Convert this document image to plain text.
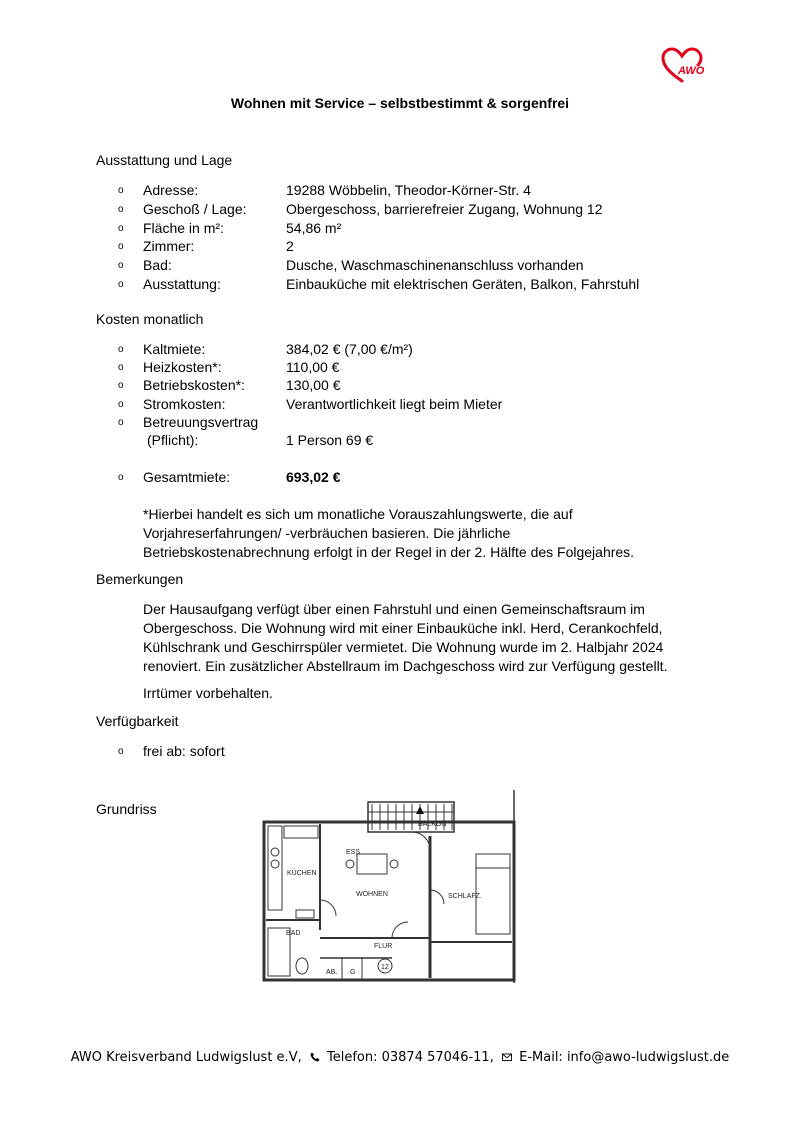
AWO
Wohnen mit Service – selbstbestimmt & sorgenfrei
Ausstattung und Lage
o Adresse:	19288 Wöbbelin, Theodor-Körner-Str. 4
o Geschoß / Lage:	Obergeschoss, barrierefreier Zugang, Wohnung 12
o Fläche in m²:	54,86 m²
o Zimmer:	2
o Bad:	Dusche, Waschmaschinenanschluss vorhanden
o Ausstattung:	Einbauküche mit elektrischen Geräten, Balkon, Fahrstuhl
Kosten monatlich
o Kaltmiete:	384,02 € (7,00 €/m²)
o Heizkosten*:	110,00 €
o Betriebskosten*:	130,00 €
o Stromkosten:	Verantwortlichkeit liegt beim Mieter
o Betreuungsvertrag
(Pflicht):	1 Person 69 €
o Gesamtmiete:	693,02 €
*Hierbei handelt es sich um monatliche Vorauszahlungswerte, die auf
Vorjahreserfahrungen/ -verbräuchen basieren. Die jährliche
Betriebskostenabrechnung erfolgt in der Regel in der 2. Hälfte des Folgejahres.
Bemerkungen
Der Hausaufgang verfügt über einen Fahrstuhl und einen Gemeinschaftsraum im
Obergeschoss. Die Wohnung wird mit einer Einbauküche inkl. Herd, Cerankochfeld,
Kühlschrank und Geschirrspüler vermietet. Die Wohnung wurde im 2. Halbjahr 2024
renoviert. Ein zusätzlicher Abstellraum im Dachgeschoss wird zur Verfügung gestellt.
Irrtümer vorbehalten.
Verfügbarkeit
o frei ab: sofort
Grundriss
BALKON
ESS
KÜCHEN
WOHNEN	SCHLAFZ.
BAD
FLUR
AB. G
12
AWO Kreisverband Ludwigslust e.V, Telefon: 03874 57046-11, E-Mail: info@awo-ludwigslust.de
